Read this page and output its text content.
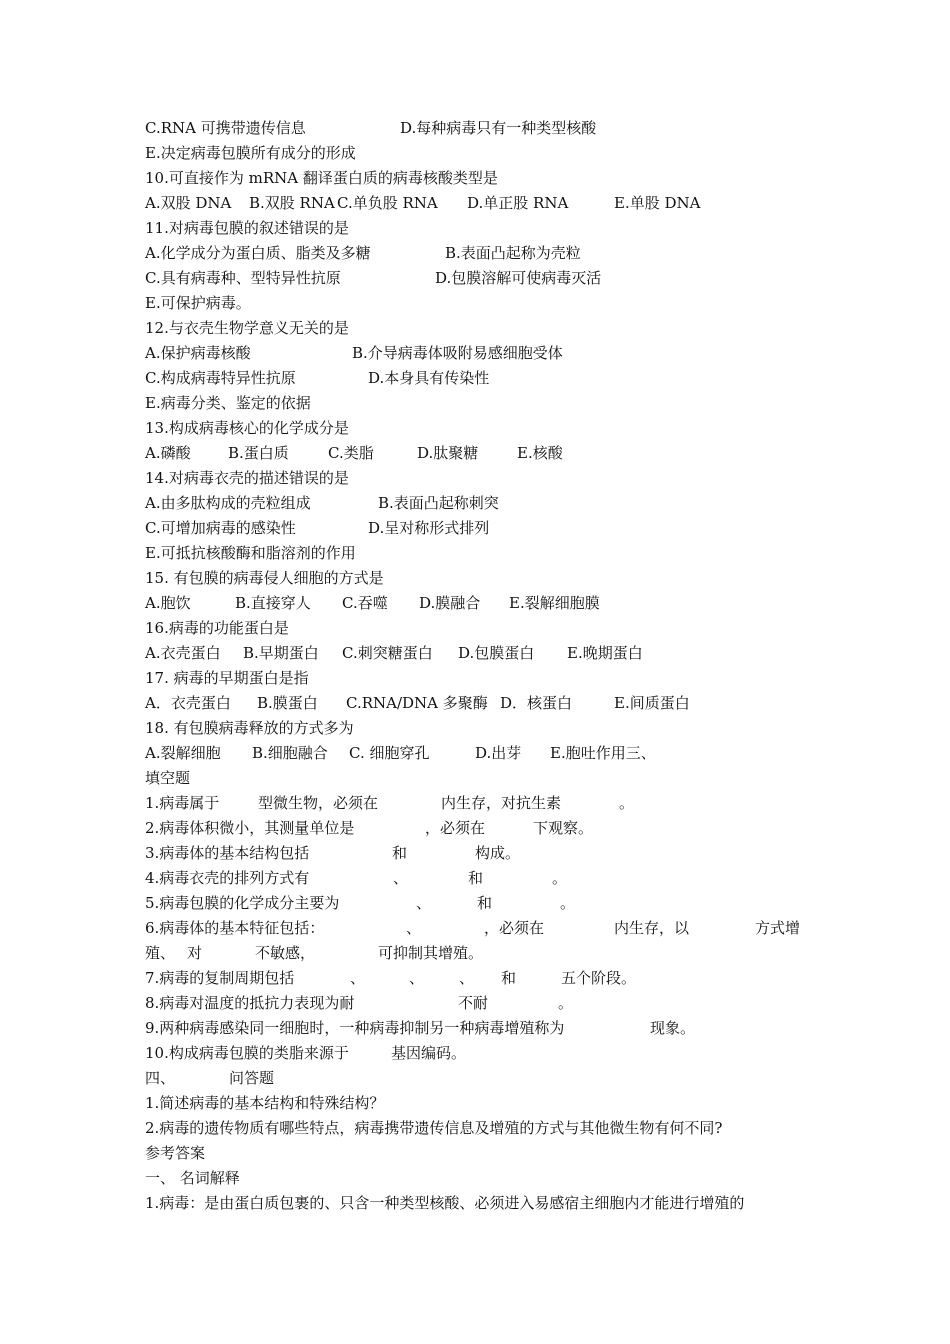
C.RNA 可携带遗传信息	D.每种病毒只有一种类型核酸
E.决定病毒包膜所有成分的形成
10.可直接作为 mRNA 翻译蛋白质的病毒核酸类型是
A.双股 DNA B.双股 RNA C.单负股 RNA D.单正股 RNA	E.单股 DNA
11.对病毒包膜的叙述错误的是
A.化学成分为蛋白质、脂类及多糖	B.表面凸起称为壳粒
C.具有病毒种、型特异性抗原	D.包膜溶解可使病毒灭活
E.可保护病毒。
12.与衣壳生物学意义无关的是
A.保护病毒核酸	B.介导病毒体吸附易感细胞受体
C.构成病毒特异性抗原	D.本身具有传染性
E.病毒分类、鉴定的依据
13.构成病毒核心的化学成分是
A.磷酸 B.蛋白质	C.类脂	D.肽聚糖	E.核酸
14.对病毒衣壳的描述错误的是
A.由多肽构成的壳粒组成	B.表面凸起称刺突
C.可增加病毒的感染性	D.呈对称形式排列
E.可抵抗核酸酶和脂溶剂的作用
15. 有包膜的病毒侵人细胞的方式是
A.胞饮	B.直接穿人 C.吞噬 D.膜融合 E.裂解细胞膜
16.病毒的功能蛋白是
A.衣壳蛋白 B.早期蛋白 C.刺突糖蛋白 D.包膜蛋白 E.晚期蛋白
17. 病毒的早期蛋白是指
A．衣壳蛋白 B.膜蛋白 C.RNA/DNA 多聚酶 D．核蛋白	E.间质蛋白
18. 有包膜病毒释放的方式多为
A.裂解细胞 B.细胞融合 C. 细胞穿孔	D.出芽 E.胞吐作用三、
填空题
1.病毒属于	型微生物，必须在	内生存，对抗生素	。
2.病毒体积微小，其测量单位是	，必须在	下观察。
3.病毒体的基本结构包括	和	构成。
4.病毒衣壳的排列方式有	、	和	。
5.病毒包膜的化学成分主要为	、	和	。
6.病毒体的基本特征包括：	、	，必须在	内生存，以	方式增
殖、 对	不敏感，	可抑制其增殖。
7.病毒的复制周期包括	、	、 、 和	五个阶段。
8.病毒对温度的抵抗力表现为耐	不耐	。
9.两种病毒感染同一细胞时，一种病毒抑制另一种病毒增殖称为	现象。
10.构成病毒包膜的类脂来源于	基因编码。
四、	问答题
1.简述病毒的基本结构和特殊结构？
2.病毒的遗传物质有哪些特点，病毒携带遗传信息及增殖的方式与其他微生物有何不同?
参考答案
一、 名词解释
1.病毒：是由蛋白质包裹的、只含一种类型核酸、必须进入易感宿主细胞内才能进行增殖的
